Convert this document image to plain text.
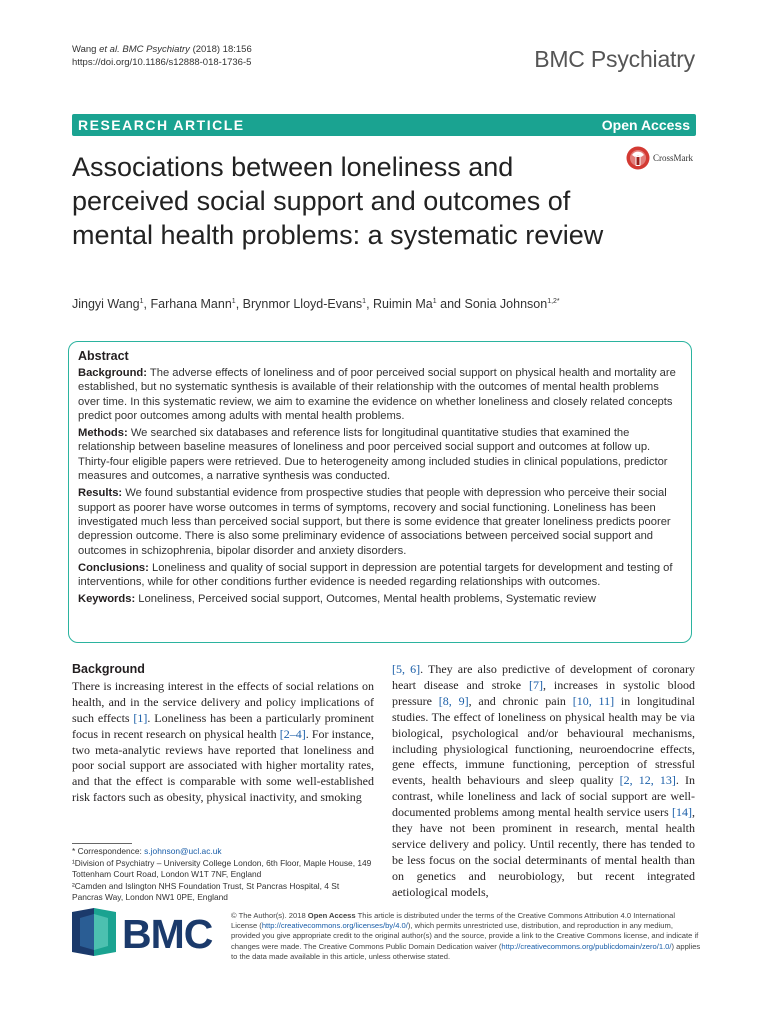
Wang et al. BMC Psychiatry (2018) 18:156
https://doi.org/10.1186/s12888-018-1736-5	BMC Psychiatry
RESEARCH ARTICLE	Open Access
Associations between loneliness and perceived social support and outcomes of mental health problems: a systematic review
CrossMark
Jingyi Wang$^1$, Farhana Mann$^1$, Brynmor Lloyd-Evans$^1$, Ruimin Ma$^1$ and Sonia Johnson$^{1,2*}$
Abstract

Background: The adverse effects of loneliness and of poor perceived social support on physical health and mortality are established, but no systematic synthesis is available of their relationship with the outcomes of mental health problems over time. In this systematic review, we aim to examine the evidence on whether loneliness and closely related concepts predict poor outcomes among adults with mental health problems.

Methods: We searched six databases and reference lists for longitudinal quantitative studies that examined the relationship between baseline measures of loneliness and poor perceived social support and outcomes at follow up. Thirty-four eligible papers were retrieved. Due to heterogeneity among included studies in clinical populations, predictor measures and outcomes, a narrative synthesis was conducted.

Results: We found substantial evidence from prospective studies that people with depression who perceive their social support as poorer have worse outcomes in terms of symptoms, recovery and social functioning. Loneliness has been investigated much less than perceived social support, but there is some evidence that greater loneliness predicts poorer depression outcome. There is also some preliminary evidence of associations between perceived social support and outcomes in schizophrenia, bipolar disorder and anxiety disorders.

Conclusions: Loneliness and quality of social support in depression are potential targets for development and testing of interventions, while for other conditions further evidence is needed regarding relationships with outcomes.

Keywords: Loneliness, Perceived social support, Outcomes, Mental health problems, Systematic review

Background

There is increasing interest in the effects of social relations on health, and in the service delivery and policy implications of such effects [1]. Loneliness has been a particularly prominent focus in recent research on physical health [2–4]. For instance, two meta-analytic reviews have reported that loneliness and poor social support are associated with higher mortality rates, and that the effect is comparable with some well-established risk factors such as obesity, physical inactivity, and smoking

[5, 6]. They are also predictive of development of coronary heart disease and stroke [7], increases in systolic blood pressure [8, 9], and chronic pain [10, 11] in longitudinal studies. The effect of loneliness on physical health may be via biological, psychological and/or behavioural mechanisms, including physiological functioning, neuroendocrine effects, gene effects, immune functioning, perception of stressful events, health behaviours and sleep quality [2, 12, 13]. In contrast, while loneliness and lack of social support are well-documented problems among mental health service users [14], they have not been prominent in research, mental health service delivery and policy. Until recently, there has tended to be less focus on the social determinants of mental health than on genetics and neurobiology, but recent integrated aetiological models,

* Correspondence: s.johnson@ucl.ac.uk

¹Division of Psychiatry – University College London, 6th Floor, Maple House, 149 Tottenham Court Road, London W1T 7NF, England

²Camden and Islington NHS Foundation Trust, St Pancras Hospital, 4 St Pancras Way, London NW1 0PE, England

BMC © The Author(s). 2018 Open Access This article is distributed under the terms of the Creative Commons Attribution 4.0 International License (http://creativecommons.org/licenses/by/4.0/), which permits unrestricted use, distribution, and reproduction in any medium, provided you give appropriate credit to the original author(s) and the source, provide a link to the Creative Commons license, and indicate if changes were made. The Creative Commons Public Domain Dedication waiver (http://creativecommons.org/publicdomain/zero/1.0/) applies to the data made available in this article, unless otherwise stated.
